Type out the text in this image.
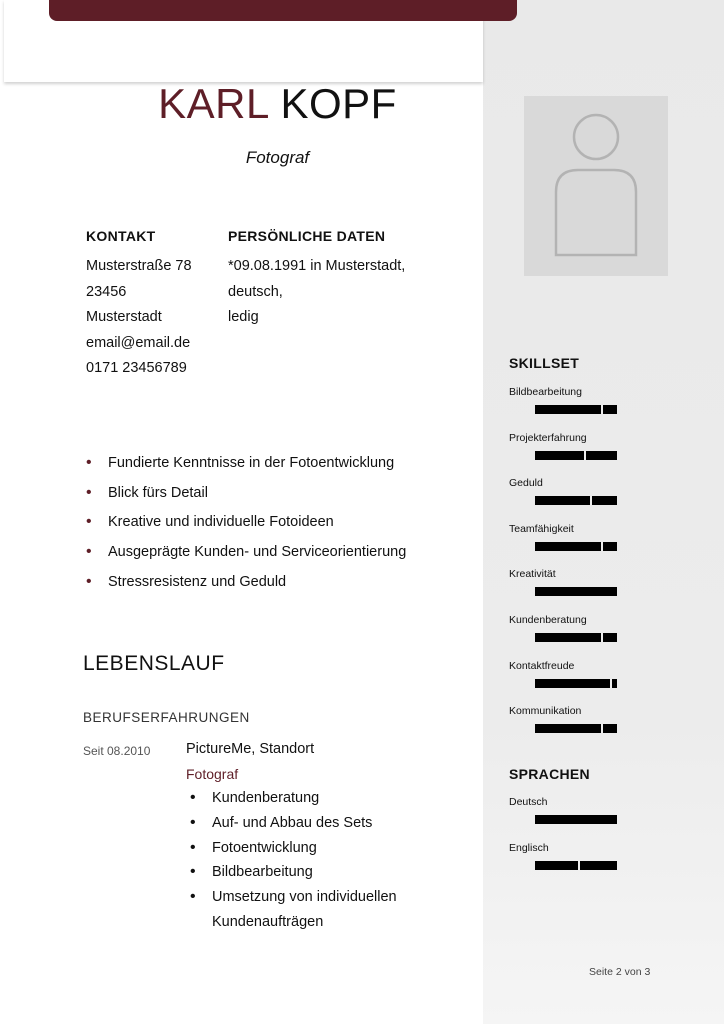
KARL KOPF
Fotograf
KONTAKT
Musterstraße 78
23456
Musterstadt
email@email.de
0171 23456789
PERSÖNLICHE DATEN
*09.08.1991 in Musterstadt,
deutsch,
ledig
• Fundierte Kenntnisse in der Fotoentwicklung
• Blick fürs Detail
• Kreative und individuelle Fotoideen
• Ausgeprägte Kunden- und Serviceorientierung
• Stressresistenz und Geduld
LEBENSLAUF
BERUFSERFAHRUNGEN
Seit 08.2010 PictureMe, Standort
Fotograf
• Kundenberatung
• Auf- und Abbau des Sets
• Fotoentwicklung
• Bildbearbeitung
• Umsetzung von individuellen
Kundenaufträgen
SKILLSET
Bildbearbeitung
Projekterfahrung
Geduld
Teamfähigkeit
Kreativität
Kundenberatung
Kontaktfreude
Kommunikation
SPRACHEN
Deutsch
Englisch
Seite 2 von 3
